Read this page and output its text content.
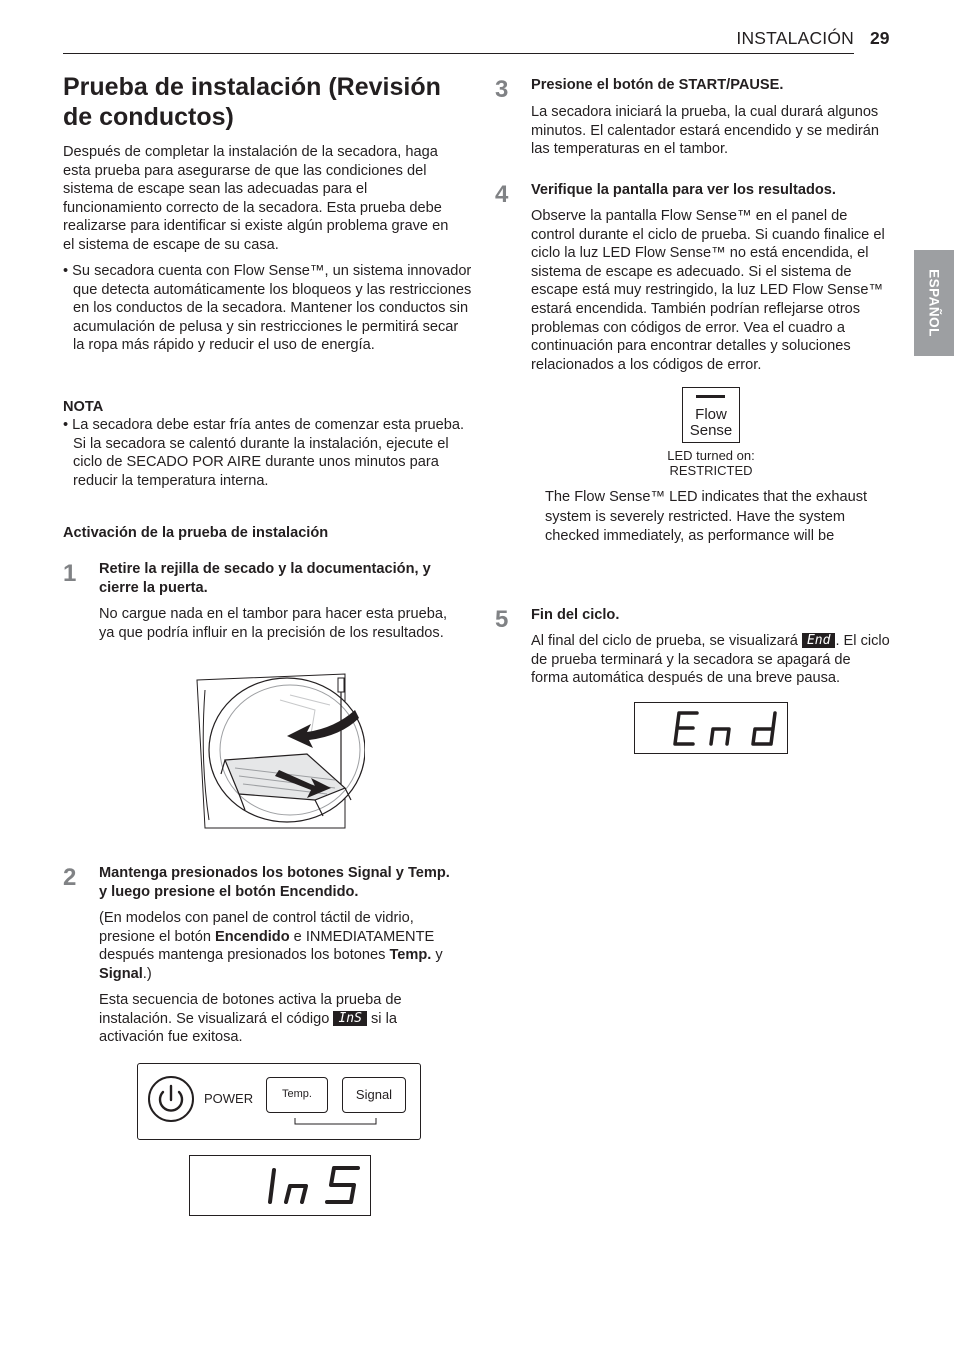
INSTALACIÓN 29
ESPAÑOL
Prueba de instalación (Revisión de conductos)
Después de completar la instalación de la secadora, haga esta prueba para asegurarse de que las condiciones del sistema de escape sean las adecuadas para el funcionamiento correcto de la secadora. Esta prueba debe realizarse para identificar si existe algún problema grave en el sistema de escape de su casa.
• Su secadora cuenta con Flow Sense™, un sistema innovador que detecta automáticamente los bloqueos y las restricciones en los conductos de la secadora. Mantener los conductos sin acumulación de pelusa y sin restricciones le permitirá secar la ropa más rápido y reducir el uso de energía.
NOTA
• La secadora debe estar fría antes de comenzar esta prueba. Si la secadora se calentó durante la instalación, ejecute el ciclo de SECADO POR AIRE durante unos minutos para reducir la temperatura interna.
Activación de la prueba de instalación
1 Retire la rejilla de secado y la documentación, y cierre la puerta.
No cargue nada en el tambor para hacer esta prueba, ya que podría influir en la precisión de los resultados.
2 Mantenga presionados los botones Signal y Temp. y luego presione el botón Encendido.
(En modelos con panel de control táctil de vidrio, presione el botón Encendido e INMEDIATAMENTE después mantenga presionados los botones Temp. y Signal.)
Esta secuencia de botones activa la prueba de instalación. Se visualizará el código InS si la activación fue exitosa.
POWER	Temp.	Signal
3 Presione el botón de START/PAUSE.
La secadora iniciará la prueba, la cual durará algunos minutos. El calentador estará encendido y se medirán las temperaturas en el tambor.
4 Verifique la pantalla para ver los resultados.
Observe la pantalla Flow Sense™ en el panel de control durante el ciclo de prueba. Si cuando finalice el ciclo la luz LED Flow Sense™ no está encendida, el sistema de escape es adecuado. Si el sistema de escape está muy restringido, la luz LED Flow Sense™ estará encendida. También podrían reflejarse otros problemas con códigos de error. Vea el cuadro a continuación para encontrar detalles y soluciones relacionados a los códigos de error.
Flow
Sense
LED turned on:
RESTRICTED
The Flow Sense™ LED indicates that the exhaust system is severely restricted. Have the system checked immediately, as performance will be
5 Fin del ciclo.
Al final del ciclo de prueba, se visualizará End . El ciclo de prueba terminará y la secadora se apagará de forma automática después de una breve pausa.
